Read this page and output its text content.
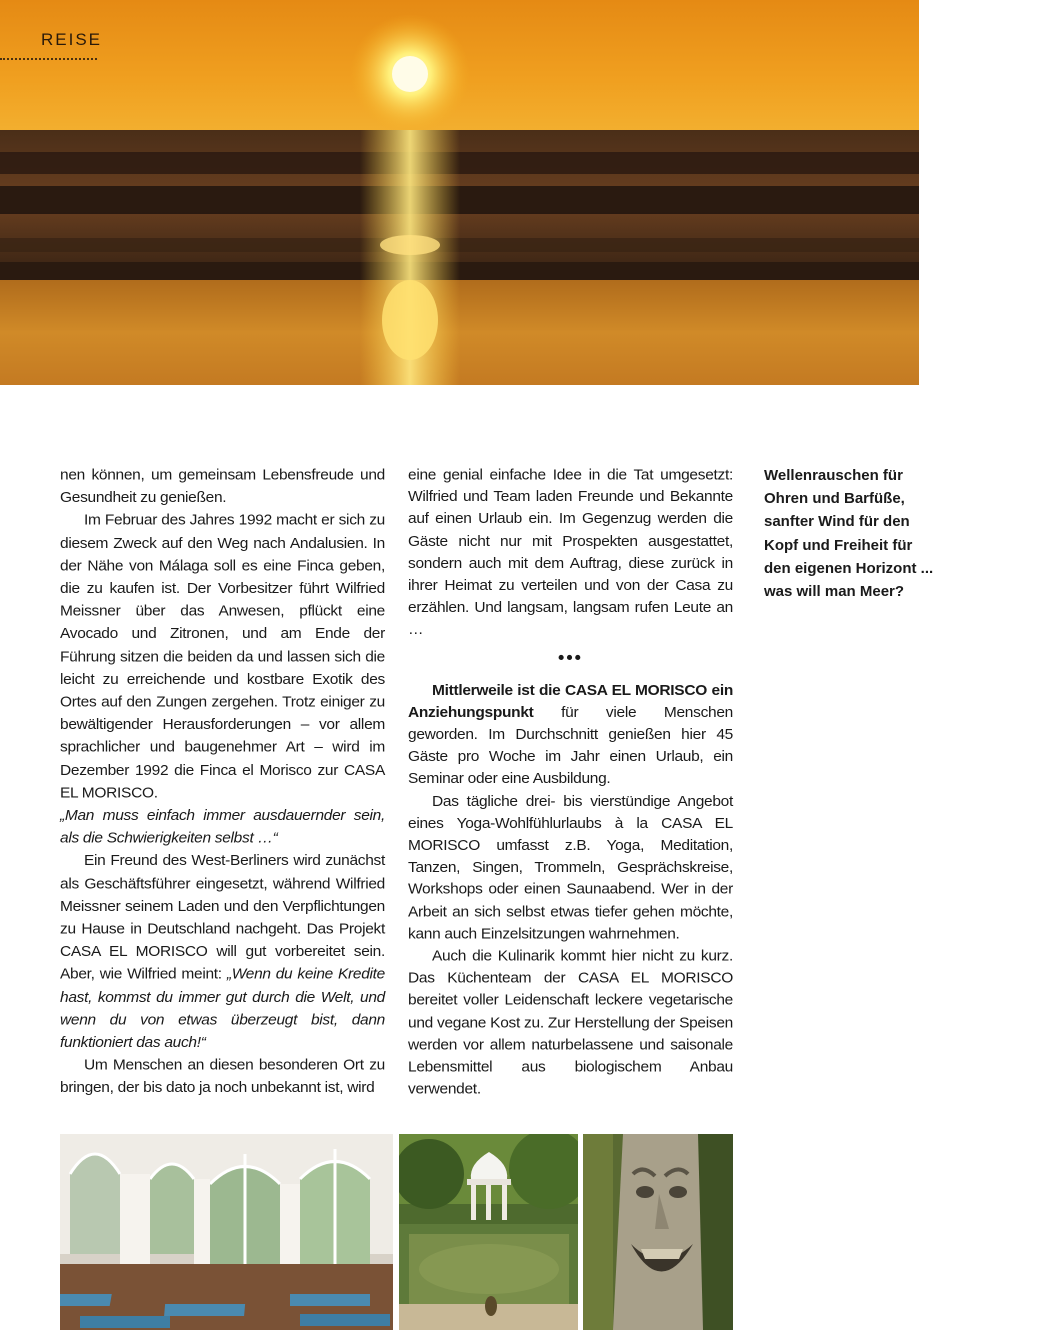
REISE

nen können, um gemeinsam Lebensfreude und Gesundheit zu genießen.

Im Februar des Jahres 1992 macht er sich zu diesem Zweck auf den Weg nach Andalusien. In der Nähe von Málaga soll es eine Finca geben, die zu kaufen ist. Der Vorbesitzer führt Wilfried Meissner über das Anwesen, pflückt eine Avocado und Zitronen, und am Ende der Führung sitzen die beiden da und lassen sich die leicht zu erreichende und kostbare Exotik des Ortes auf den Zungen zergehen. Trotz einiger zu bewältigender Herausforderungen – vor allem sprachlicher und baugenehmer Art – wird im Dezember 1992 die Finca el Morisco zur CASA EL MORISCO.
„Man muss einfach immer ausdauernder sein, als die Schwierigkeiten selbst …“

Ein Freund des West-Berliners wird zunächst als Geschäftsführer eingesetzt, während Wilfried Meissner seinem Laden und den Verpflichtungen zu Hause in Deutschland nachgeht. Das Projekt CASA EL MORISCO will gut vorbereitet sein. Aber, wie Wilfried meint: „Wenn du keine Kredite hast, kommst du immer gut durch die Welt, und wenn du von etwas überzeugt bist, dann funktioniert das auch!“

Um Menschen an diesen besonderen Ort zu bringen, der bis dato ja noch unbekannt ist, wird

eine genial einfache Idee in die Tat umgesetzt: Wilfried und Team laden Freunde und Bekannte auf einen Urlaub ein. Im Gegenzug werden die Gäste nicht nur mit Prospekten ausgestattet, sondern auch mit dem Auftrag, diese zurück in ihrer Heimat zu verteilen und von der Casa zu erzählen. Und langsam, langsam rufen Leute an …

•••

Mittlerweile ist die CASA EL MORISCO ein Anziehungspunkt für viele Menschen geworden. Im Durchschnitt genießen hier 45 Gäste pro Woche im Jahr einen Urlaub, ein Seminar oder eine Ausbildung.

Das tägliche drei- bis vierstündige Angebot eines Yoga-Wohlfühlurlaubs à la CASA EL MORISCO umfasst z.B. Yoga, Meditation, Tanzen, Singen, Trommeln, Gesprächskreise, Workshops oder einen Saunaabend. Wer in der Arbeit an sich selbst etwas tiefer gehen möchte, kann auch Einzelsitzungen wahrnehmen.

Auch die Kulinarik kommt hier nicht zu kurz. Das Küchenteam der CASA EL MORISCO bereitet voller Leidenschaft leckere vegetarische und vegane Kost zu. Zur Herstellung der Speisen werden vor allem naturbelassene und saisonale Lebensmittel aus biologischem Anbau verwendet.

Wellenrauschen für Ohren und Barfüße, sanfter Wind für den Kopf und Freiheit für den eigenen Horizont ... was will man Meer?
